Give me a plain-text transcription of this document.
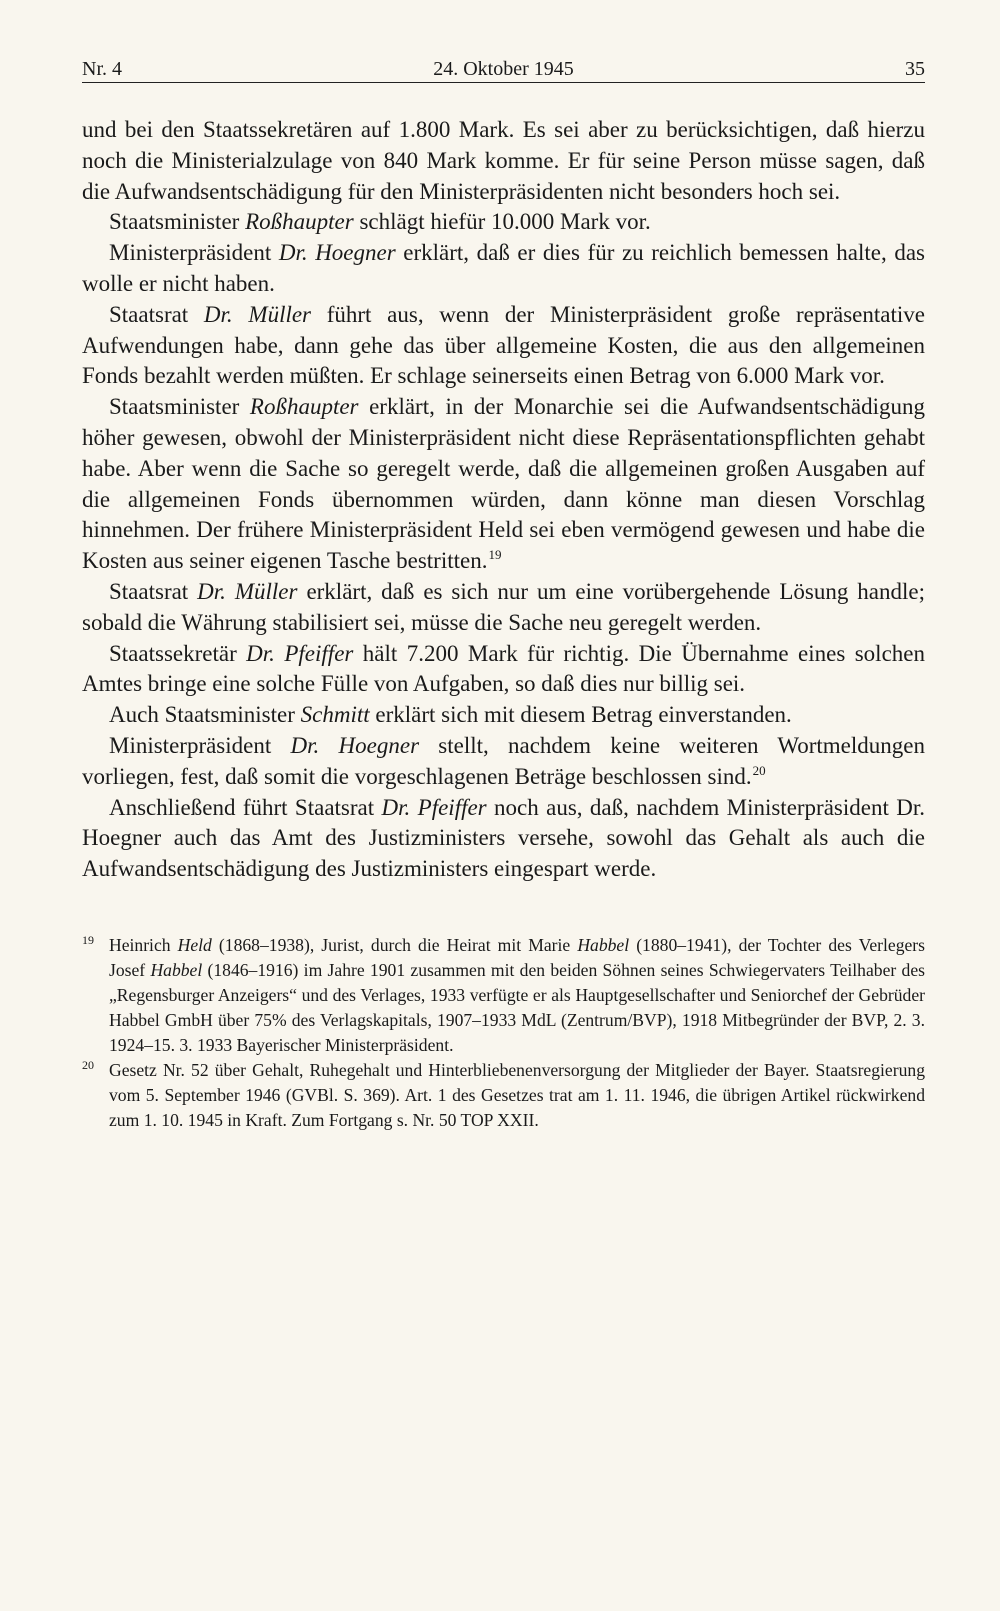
Nr. 4	24. Oktober 1945	35

und bei den Staatssekretären auf 1.800 Mark. Es sei aber zu berücksichtigen, daß hierzu noch die Ministerialzulage von 840 Mark komme. Er für seine Person müsse sagen, daß die Aufwandsentschädigung für den Ministerpräsidenten nicht besonders hoch sei.

Staatsminister Roßhaupter schlägt hiefür 10.000 Mark vor.

Ministerpräsident Dr. Hoegner erklärt, daß er dies für zu reichlich bemessen halte, das wolle er nicht haben.

Staatsrat Dr. Müller führt aus, wenn der Ministerpräsident große repräsentative Aufwendungen habe, dann gehe das über allgemeine Kosten, die aus den allgemeinen Fonds bezahlt werden müßten. Er schlage seinerseits einen Betrag von 6.000 Mark vor.

Staatsminister Roßhaupter erklärt, in der Monarchie sei die Aufwandsentschädigung höher gewesen, obwohl der Ministerpräsident nicht diese Repräsentationspflichten gehabt habe. Aber wenn die Sache so geregelt werde, daß die allgemeinen großen Ausgaben auf die allgemeinen Fonds übernommen würden, dann könne man diesen Vorschlag hinnehmen. Der frühere Ministerpräsident Held sei eben vermögend gewesen und habe die Kosten aus seiner eigenen Tasche bestritten.$^{19}$

Staatsrat Dr. Müller erklärt, daß es sich nur um eine vorübergehende Lösung handle; sobald die Währung stabilisiert sei, müsse die Sache neu geregelt werden.

Staatssekretär Dr. Pfeiffer hält 7.200 Mark für richtig. Die Übernahme eines solchen Amtes bringe eine solche Fülle von Aufgaben, so daß dies nur billig sei.

Auch Staatsminister Schmitt erklärt sich mit diesem Betrag einverstanden.

Ministerpräsident Dr. Hoegner stellt, nachdem keine weiteren Wortmeldungen vorliegen, fest, daß somit die vorgeschlagenen Beträge beschlossen sind.$^{20}$

Anschließend führt Staatsrat Dr. Pfeiffer noch aus, daß, nachdem Ministerpräsident Dr. Hoegner auch das Amt des Justizministers versehe, sowohl das Gehalt als auch die Aufwandsentschädigung des Justizministers eingespart werde.

19 Heinrich Held (1868–1938), Jurist, durch die Heirat mit Marie Habbel (1880–1941), der Tochter des Verlegers Josef Habbel (1846–1916) im Jahre 1901 zusammen mit den beiden Söhnen seines Schwiegervaters Teilhaber des „Regensburger Anzeigers“ und des Verlages, 1933 verfügte er als Hauptgesellschafter und Seniorchef der Gebrüder Habbel GmbH über 75% des Verlagskapitals, 1907–1933 MdL (Zentrum/BVP), 1918 Mitbegründer der BVP, 2. 3. 1924–15. 3. 1933 Bayerischer Ministerpräsident.
20 Gesetz Nr. 52 über Gehalt, Ruhegehalt und Hinterbliebenenversorgung der Mitglieder der Bayer. Staatsregierung vom 5. September 1946 (GVBl. S. 369). Art. 1 des Gesetzes trat am 1. 11. 1946, die übrigen Artikel rückwirkend zum 1. 10. 1945 in Kraft. Zum Fortgang s. Nr. 50 TOP XXII.
